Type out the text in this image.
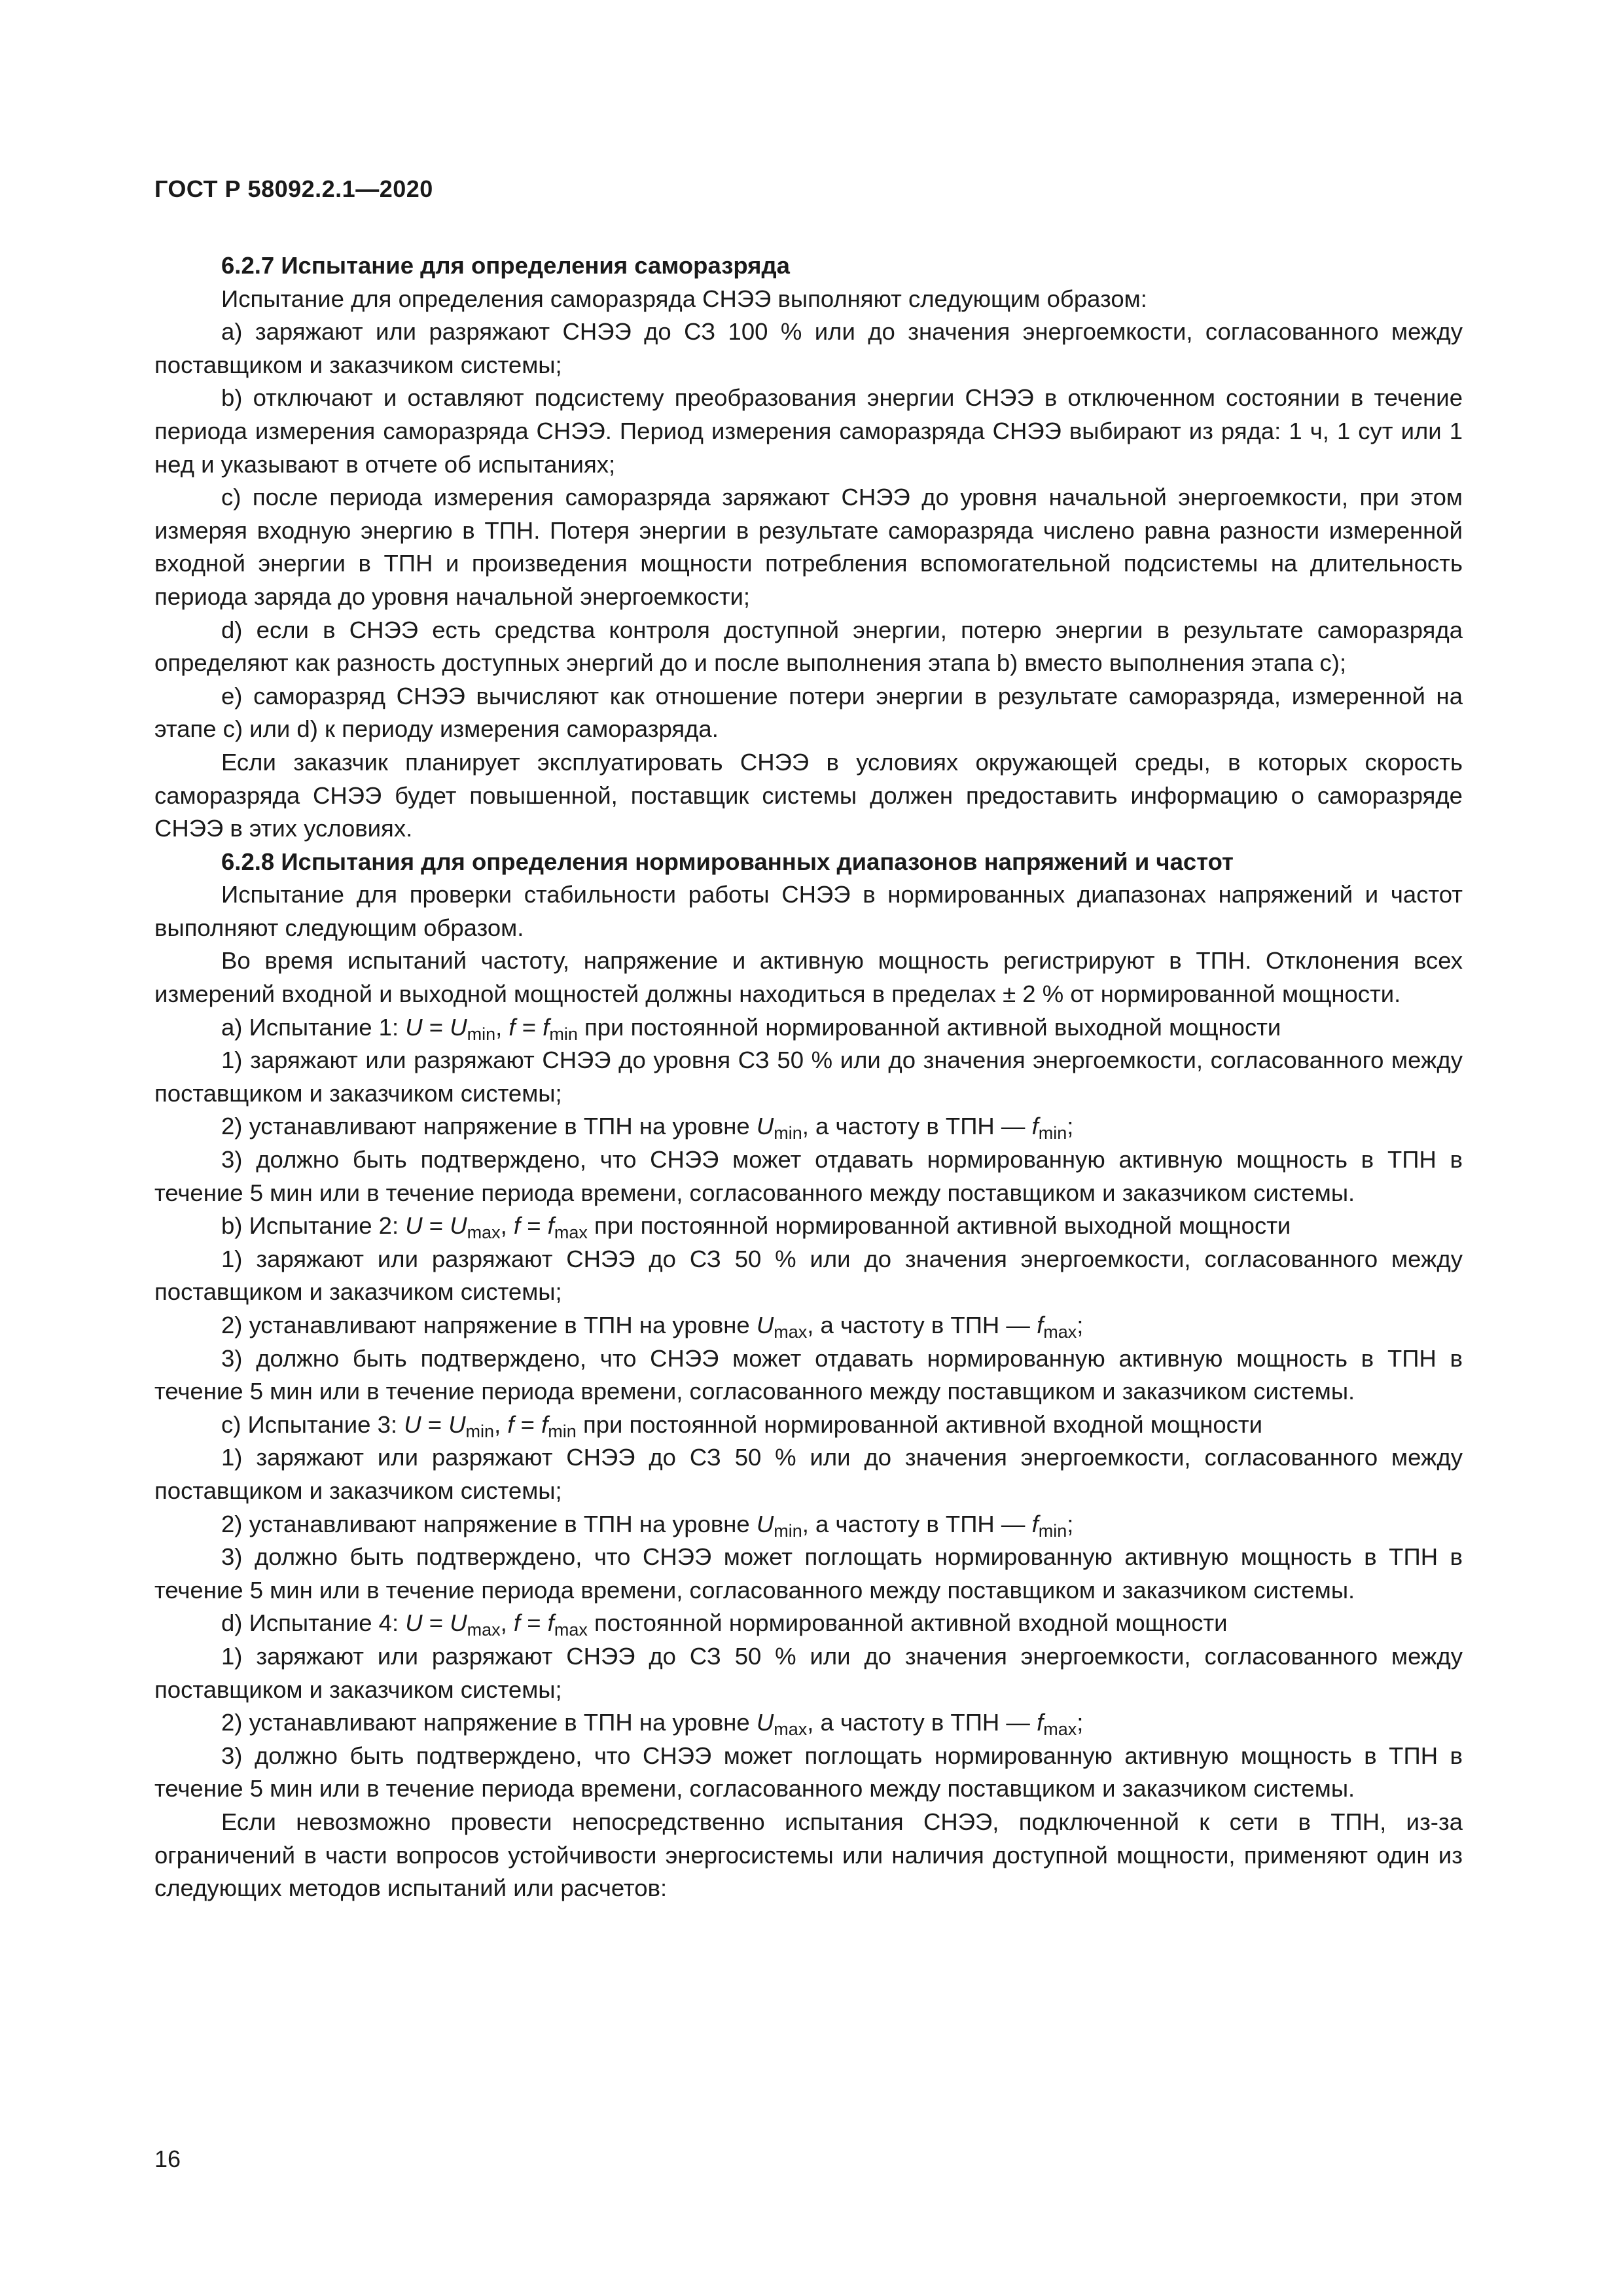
ГОСТ Р 58092.2.1—2020

6.2.7 Испытание для определения саморазряда

Испытание для определения саморазряда СНЭЭ выполняют следующим образом:

a) заряжают или разряжают СНЭЭ до СЗ 100 % или до значения энергоемкости, согласованного между поставщиком и заказчиком системы;

b) отключают и оставляют подсистему преобразования энергии СНЭЭ в отключенном состоянии в течение периода измерения саморазряда СНЭЭ. Период измерения саморазряда СНЭЭ выбирают из ряда: 1 ч, 1 сут или 1 нед и указывают в отчете об испытаниях;

c) после периода измерения саморазряда заряжают СНЭЭ до уровня начальной энергоемкости, при этом измеряя входную энергию в ТПН. Потеря энергии в результате саморазряда числено равна разности измеренной входной энергии в ТПН и произведения мощности потребления вспомогательной подсистемы на длительность периода заряда до уровня начальной энергоемкости;

d) если в СНЭЭ есть средства контроля доступной энергии, потерю энергии в результате саморазряда определяют как разность доступных энергий до и после выполнения этапа b) вместо выполнения этапа c);

e) саморазряд СНЭЭ вычисляют как отношение потери энергии в результате саморазряда, измеренной на этапе c) или d) к периоду измерения саморазряда.

Если заказчик планирует эксплуатировать СНЭЭ в условиях окружающей среды, в которых скорость саморазряда СНЭЭ будет повышенной, поставщик системы должен предоставить информацию о саморазряде СНЭЭ в этих условиях.

6.2.8 Испытания для определения нормированных диапазонов напряжений и частот

Испытание для проверки стабильности работы СНЭЭ в нормированных диапазонах напряжений и частот выполняют следующим образом.

Во время испытаний частоту, напряжение и активную мощность регистрируют в ТПН. Отклонения всех измерений входной и выходной мощностей должны находиться в пределах ± 2 % от нормированной мощности.

a) Испытание 1: $U = U_{min}$, $f = f_{min}$ при постоянной нормированной активной выходной мощности

1) заряжают или разряжают СНЭЭ до уровня СЗ 50 % или до значения энергоемкости, согласованного между поставщиком и заказчиком системы;

2) устанавливают напряжение в ТПН на уровне $U_{min}$, а частоту в ТПН — $f_{min}$;

3) должно быть подтверждено, что СНЭЭ может отдавать нормированную активную мощность в ТПН в течение 5 мин или в течение периода времени, согласованного между поставщиком и заказчиком системы.

b) Испытание 2: $U = U_{max}$, $f = f_{max}$ при постоянной нормированной активной выходной мощности

1) заряжают или разряжают СНЭЭ до СЗ 50 % или до значения энергоемкости, согласованного между поставщиком и заказчиком системы;

2) устанавливают напряжение в ТПН на уровне $U_{max}$, а частоту в ТПН — $f_{max}$;

3) должно быть подтверждено, что СНЭЭ может отдавать нормированную активную мощность в ТПН в течение 5 мин или в течение периода времени, согласованного между поставщиком и заказчиком системы.

c) Испытание 3: $U = U_{min}$, $f = f_{min}$ при постоянной нормированной активной входной мощности

1) заряжают или разряжают СНЭЭ до СЗ 50 % или до значения энергоемкости, согласованного между поставщиком и заказчиком системы;

2) устанавливают напряжение в ТПН на уровне $U_{min}$, а частоту в ТПН — $f_{min}$;

3) должно быть подтверждено, что СНЭЭ может поглощать нормированную активную мощность в ТПН в течение 5 мин или в течение периода времени, согласованного между поставщиком и заказчиком системы.

d) Испытание 4: $U = U_{max}$, $f = f_{max}$ постоянной нормированной активной входной мощности

1) заряжают или разряжают СНЭЭ до СЗ 50 % или до значения энергоемкости, согласованного между поставщиком и заказчиком системы;

2) устанавливают напряжение в ТПН на уровне $U_{max}$, а частоту в ТПН — $f_{max}$;

3) должно быть подтверждено, что СНЭЭ может поглощать нормированную активную мощность в ТПН в течение 5 мин или в течение периода времени, согласованного между поставщиком и заказчиком системы.

Если невозможно провести непосредственно испытания СНЭЭ, подключенной к сети в ТПН, из-за ограничений в части вопросов устойчивости энергосистемы или наличия доступной мощности, применяют один из следующих методов испытаний или расчетов:

16
